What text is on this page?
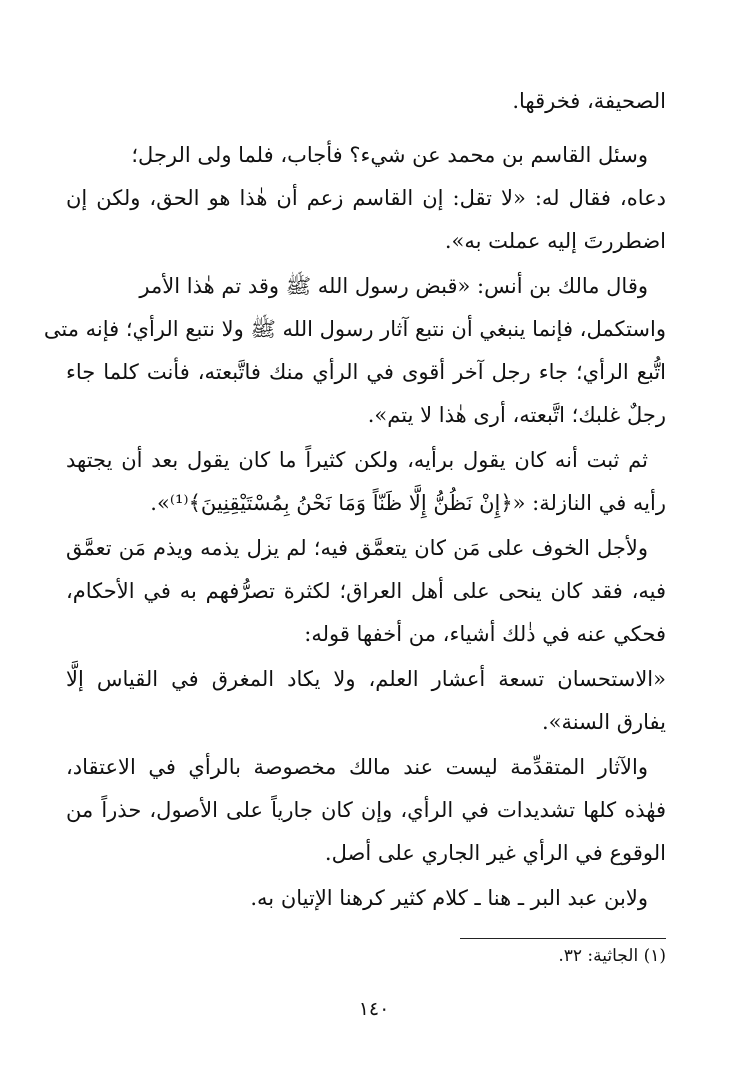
الصحيفة، فخرقها.
وسئل القاسم بن محمد عن شيء؟ فأجاب، فلما ولى الرجل؛
دعاه، فقال له: «لا تقل: إن القاسم زعم أن هٰذا هو الحق، ولكن إن
اضطررتَ إليه عملت به».
وقال مالك بن أنس: «قبض رسول الله ﷺ وقد تم هٰذا الأمر
واستكمل، فإنما ينبغي أن نتبع آثار رسول الله ﷺ ولا نتبع الرأي؛ فإنه متى
اتُّبع الرأي؛ جاء رجل آخر أقوى في الرأي منك فاتَّبعته، فأنت كلما جاء
رجلٌ غلبك؛ اتَّبعته، أرى هٰذا لا يتم».
ثم ثبت أنه كان يقول برأيه، ولكن كثيراً ما كان يقول بعد أن يجتهد
رأيه في النازلة: «﴿إِنْ نَظُنُّ إِلَّا ظَنّاً وَمَا نَحْنُ بِمُسْتَيْقِنِينَ﴾⁽¹⁾».
ولأجل الخوف على مَن كان يتعمَّق فيه؛ لم يزل يذمه ويذم مَن تعمَّق
فيه، فقد كان ينحى على أهل العراق؛ لكثرة تصرُّفهم به في الأحكام،
فحكي عنه في ذٰلك أشياء، من أخفها قوله:
«الاستحسان تسعة أعشار العلم، ولا يكاد المغرق في القياس إلَّا
يفارق السنة».
والآثار المتقدِّمة ليست عند مالك مخصوصة بالرأي في الاعتقاد،
فهٰذه كلها تشديدات في الرأي، وإن كان جارياً على الأصول، حذراً من
الوقوع في الرأي غير الجاري على أصل.
ولابن عبد البر ـ هنا ـ كلام كثير كرهنا الإتيان به.
(١) الجاثية: ٣٢.
١٤٠
